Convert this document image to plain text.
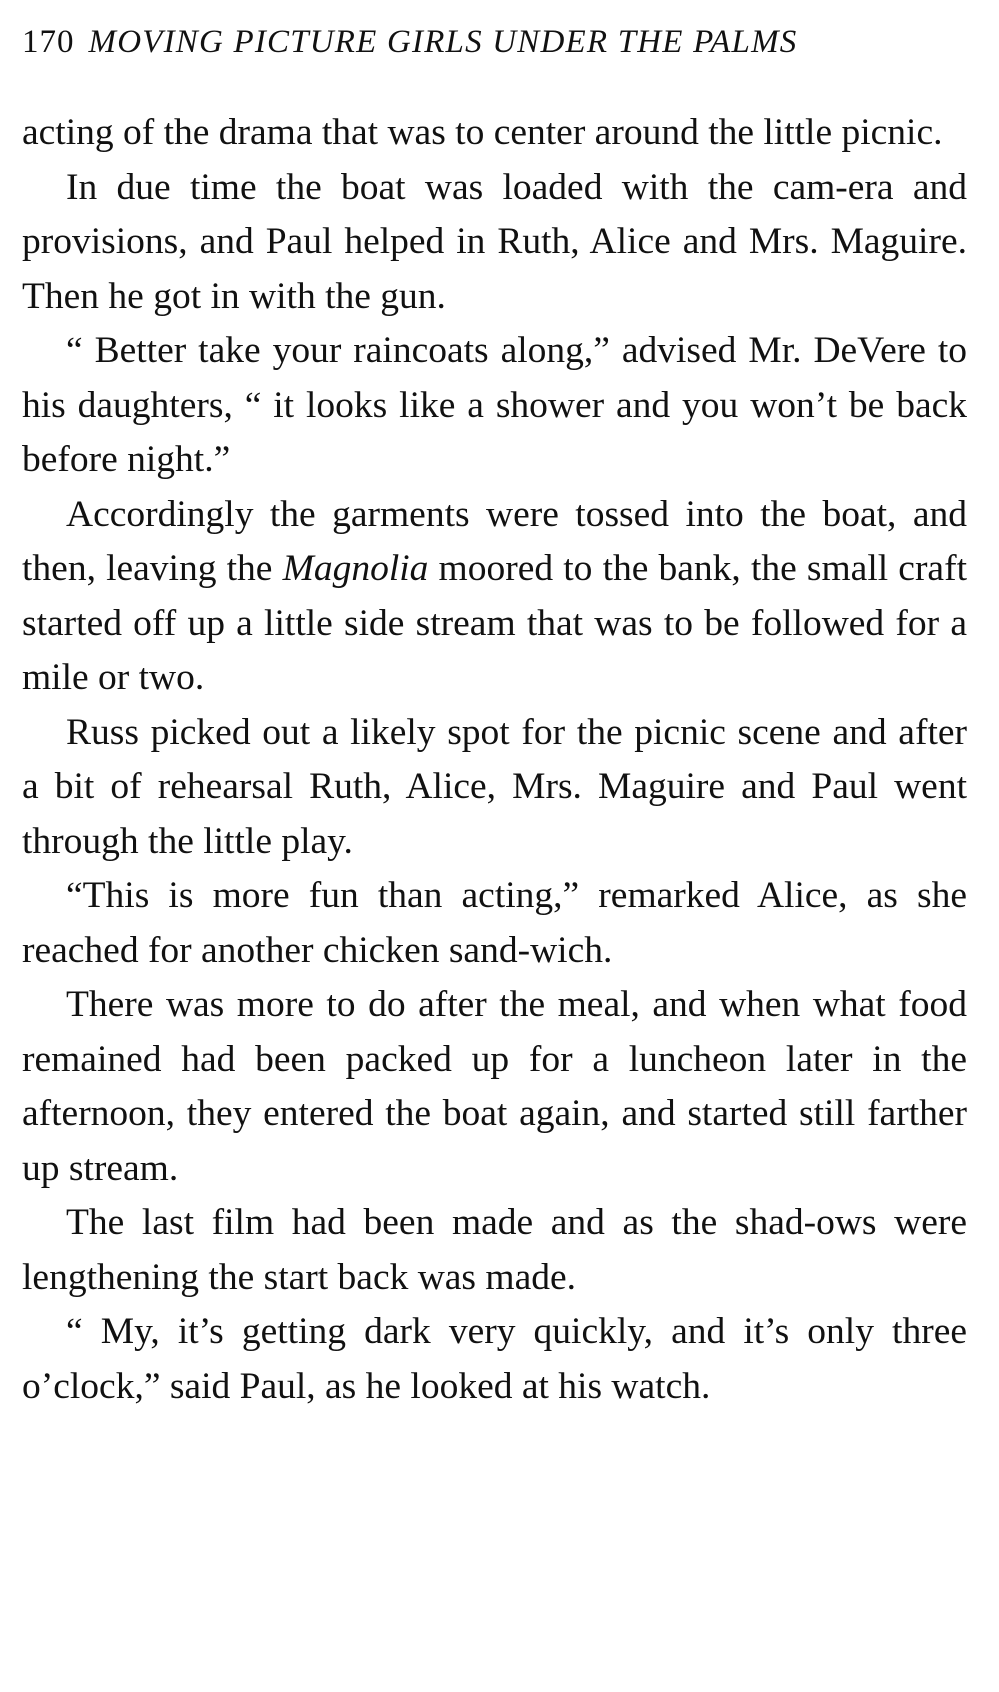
170 MOVING PICTURE GIRLS UNDER THE PALMS

acting of the drama that was to center around the little picnic.

In due time the boat was loaded with the cam-era and provisions, and Paul helped in Ruth, Alice and Mrs. Maguire. Then he got in with the gun.

“ Better take your raincoats along,” advised Mr. DeVere to his daughters, “ it looks like a shower and you won’t be back before night.”

Accordingly the garments were tossed into the boat, and then, leaving the Magnolia moored to the bank, the small craft started off up a little side stream that was to be followed for a mile or two.

Russ picked out a likely spot for the picnic scene and after a bit of rehearsal Ruth, Alice, Mrs. Maguire and Paul went through the little play.

“This is more fun than acting,” remarked Alice, as she reached for another chicken sand-wich.

There was more to do after the meal, and when what food remained had been packed up for a luncheon later in the afternoon, they entered the boat again, and started still farther up stream.

The last film had been made and as the shad-ows were lengthening the start back was made.

“ My, it’s getting dark very quickly, and it’s only three o’clock,” said Paul, as he looked at his watch.
